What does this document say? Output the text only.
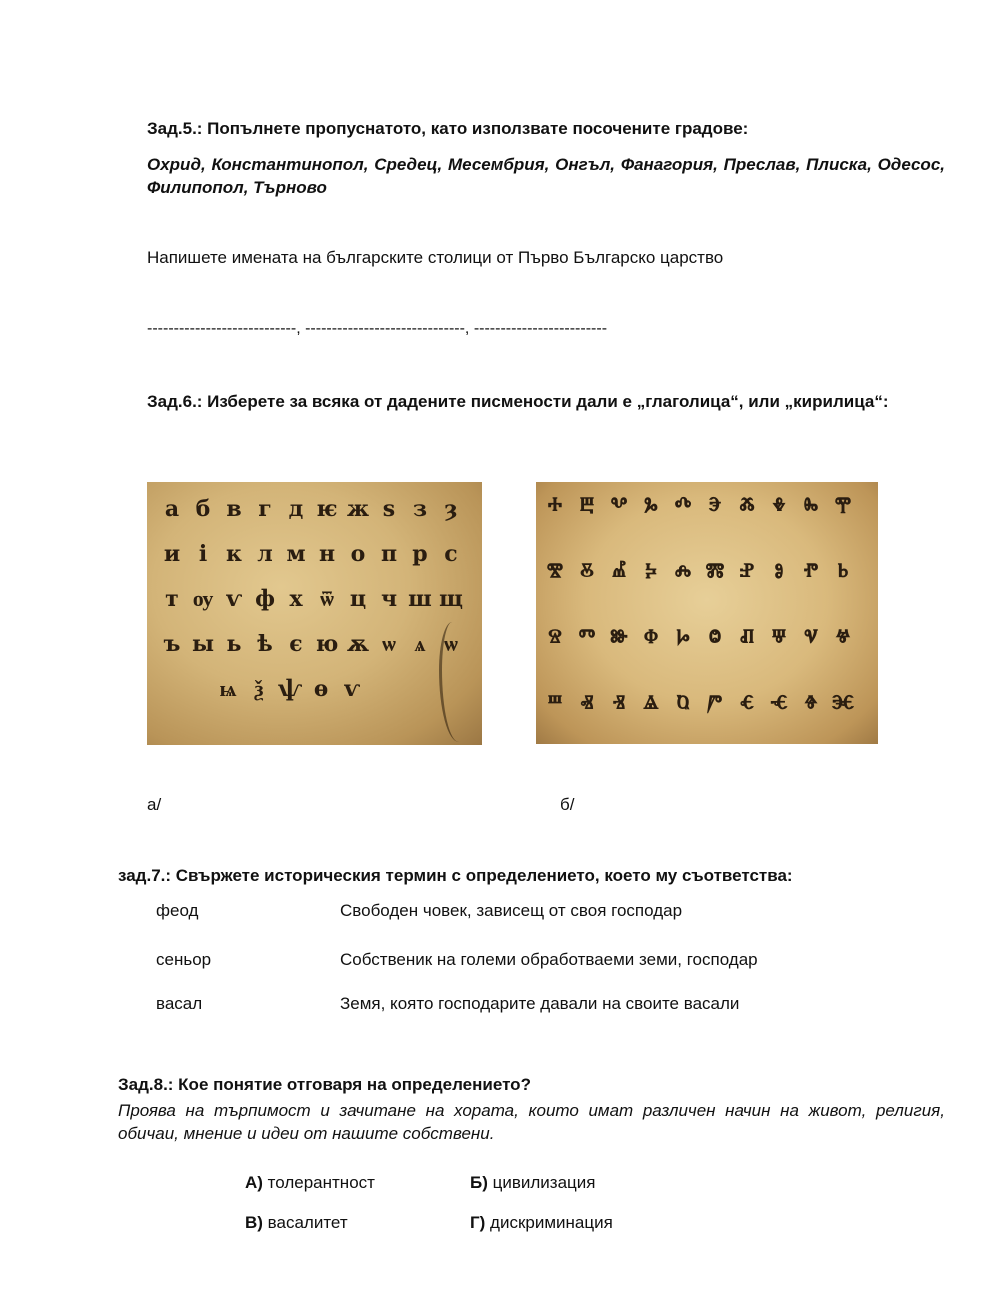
Зад.5.: Попълнете пропуснатото, като използвате посочените градове:
Охрид, Константинопол, Средец, Месембрия, Онгъл, Фанагория, Преслав, Плиска, Одесос, Филипопол, Търново
Напишете имената на българските столици от Първо Българско царство
----------------------------, ------------------------------, -------------------------
Зад.6.: Изберете за всяка от дадените писмености дали е „глаголица“, или „кирилица“:
а б в г д ѥ ж ѕ з ȝ
и і к л м н о п р с
т ѹ ѵ ф х ѿ ц ч ш щ
ъ ы ь ѣ є ю ѫ ѡ ѧ ѡ
ѩ ѯ ѱ ѳ ѵ
ⰰ ⰱ ⰲ ⰳ ⰴ ⰵ ⰶ ⰷ ⰸ ⰹ
ⰺ ⰻ ⰼ ⰽ ⰾ ⰿ ⱀ ⱁ ⱂ ⱃ
ⱄ ⱅ ⱆ ⱇ ⱈ ⱉ ⱊ ⱋ ⱌ ⱍ
ⱎ ⱏ ⱐ ⱑ ⱒ ⱓ ⱔ ⱕ ⱖ ⱗ
а/	б/
зад.7.: Свържете историческия термин с определението, което му съответства:
феод	Свободен човек, зависещ от своя господар
сеньор	Собственик на големи обработваеми земи, господар
васал	Земя, която господарите давали на своите васали
Зад.8.: Кое понятие отговаря на определението?
Проява на търпимост и зачитане на хората, които имат различен начин на живот, религия, обичаи, мнение и идеи от нашите собствени.
А) толерантност	Б) цивилизация
В) васалитет	Г) дискриминация
